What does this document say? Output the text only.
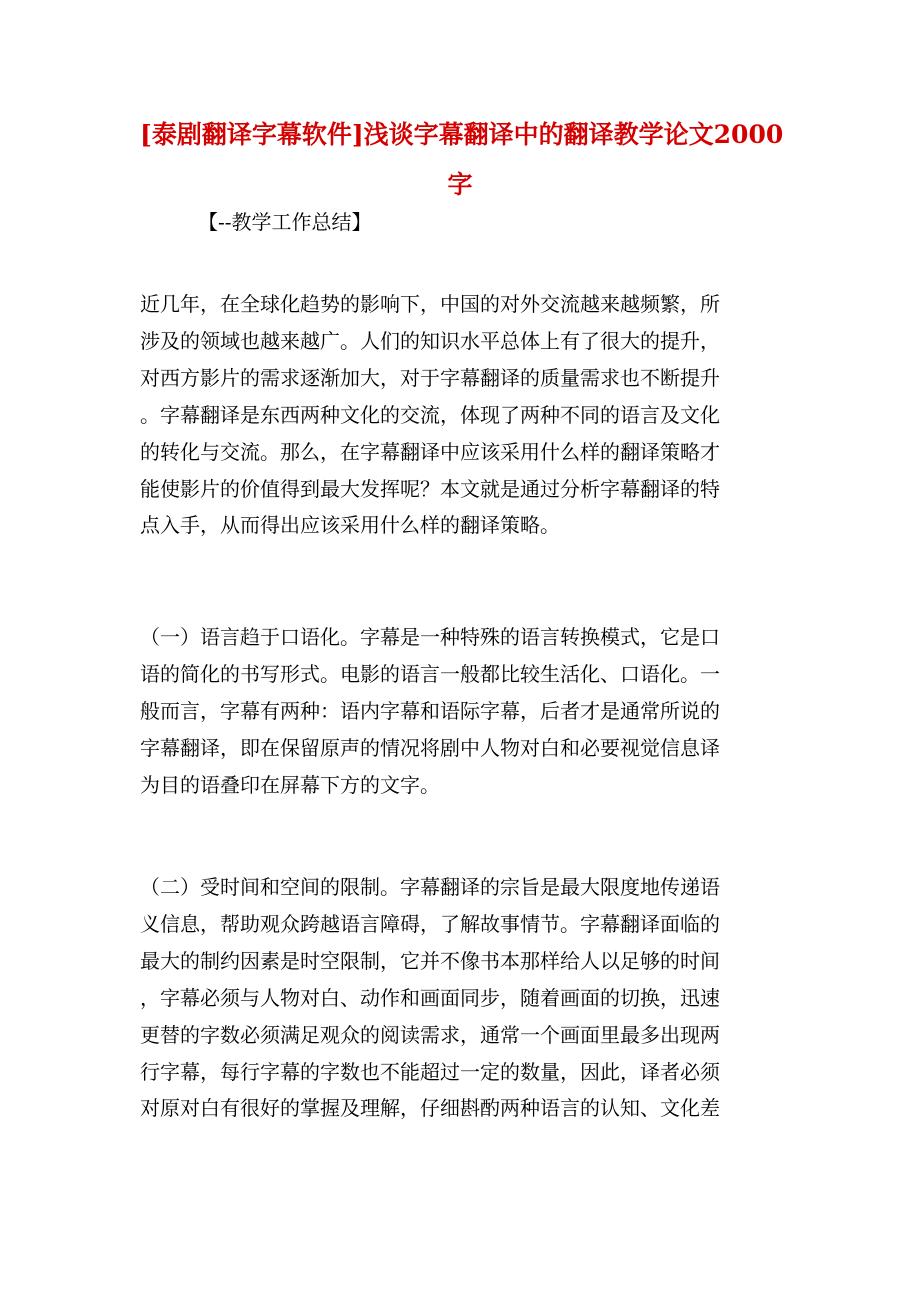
[泰剧翻译字幕软件]浅谈字幕翻译中的翻译教学论文2000
字

【--教学工作总结】

近几年，在全球化趋势的影响下，中国的对外交流越来越频繁，所
涉及的领域也越来越广。人们的知识水平总体上有了很大的提升，
对西方影片的需求逐渐加大，对于字幕翻译的质量需求也不断提升
。字幕翻译是东西两种文化的交流，体现了两种不同的语言及文化
的转化与交流。那么，在字幕翻译中应该采用什么样的翻译策略才
能使影片的价值得到最大发挥呢？本文就是通过分析字幕翻译的特
点入手，从而得出应该采用什么样的翻译策略。
（一）语言趋于口语化。字幕是一种特殊的语言转换模式，它是口
语的简化的书写形式。电影的语言一般都比较生活化、口语化。一
般而言，字幕有两种：语内字幕和语际字幕，后者才是通常所说的
字幕翻译，即在保留原声的情况将剧中人物对白和必要视觉信息译
为目的语叠印在屏幕下方的文字。
（二）受时间和空间的限制。字幕翻译的宗旨是最大限度地传递语
义信息，帮助观众跨越语言障碍，了解故事情节。字幕翻译面临的
最大的制约因素是时空限制，它并不像书本那样给人以足够的时间
，字幕必须与人物对白、动作和画面同步，随着画面的切换，迅速
更替的字数必须满足观众的阅读需求，通常一个画面里最多出现两
行字幕，每行字幕的字数也不能超过一定的数量，因此，译者必须
对原对白有很好的掌握及理解，仔细斟酌两种语言的认知、文化差
